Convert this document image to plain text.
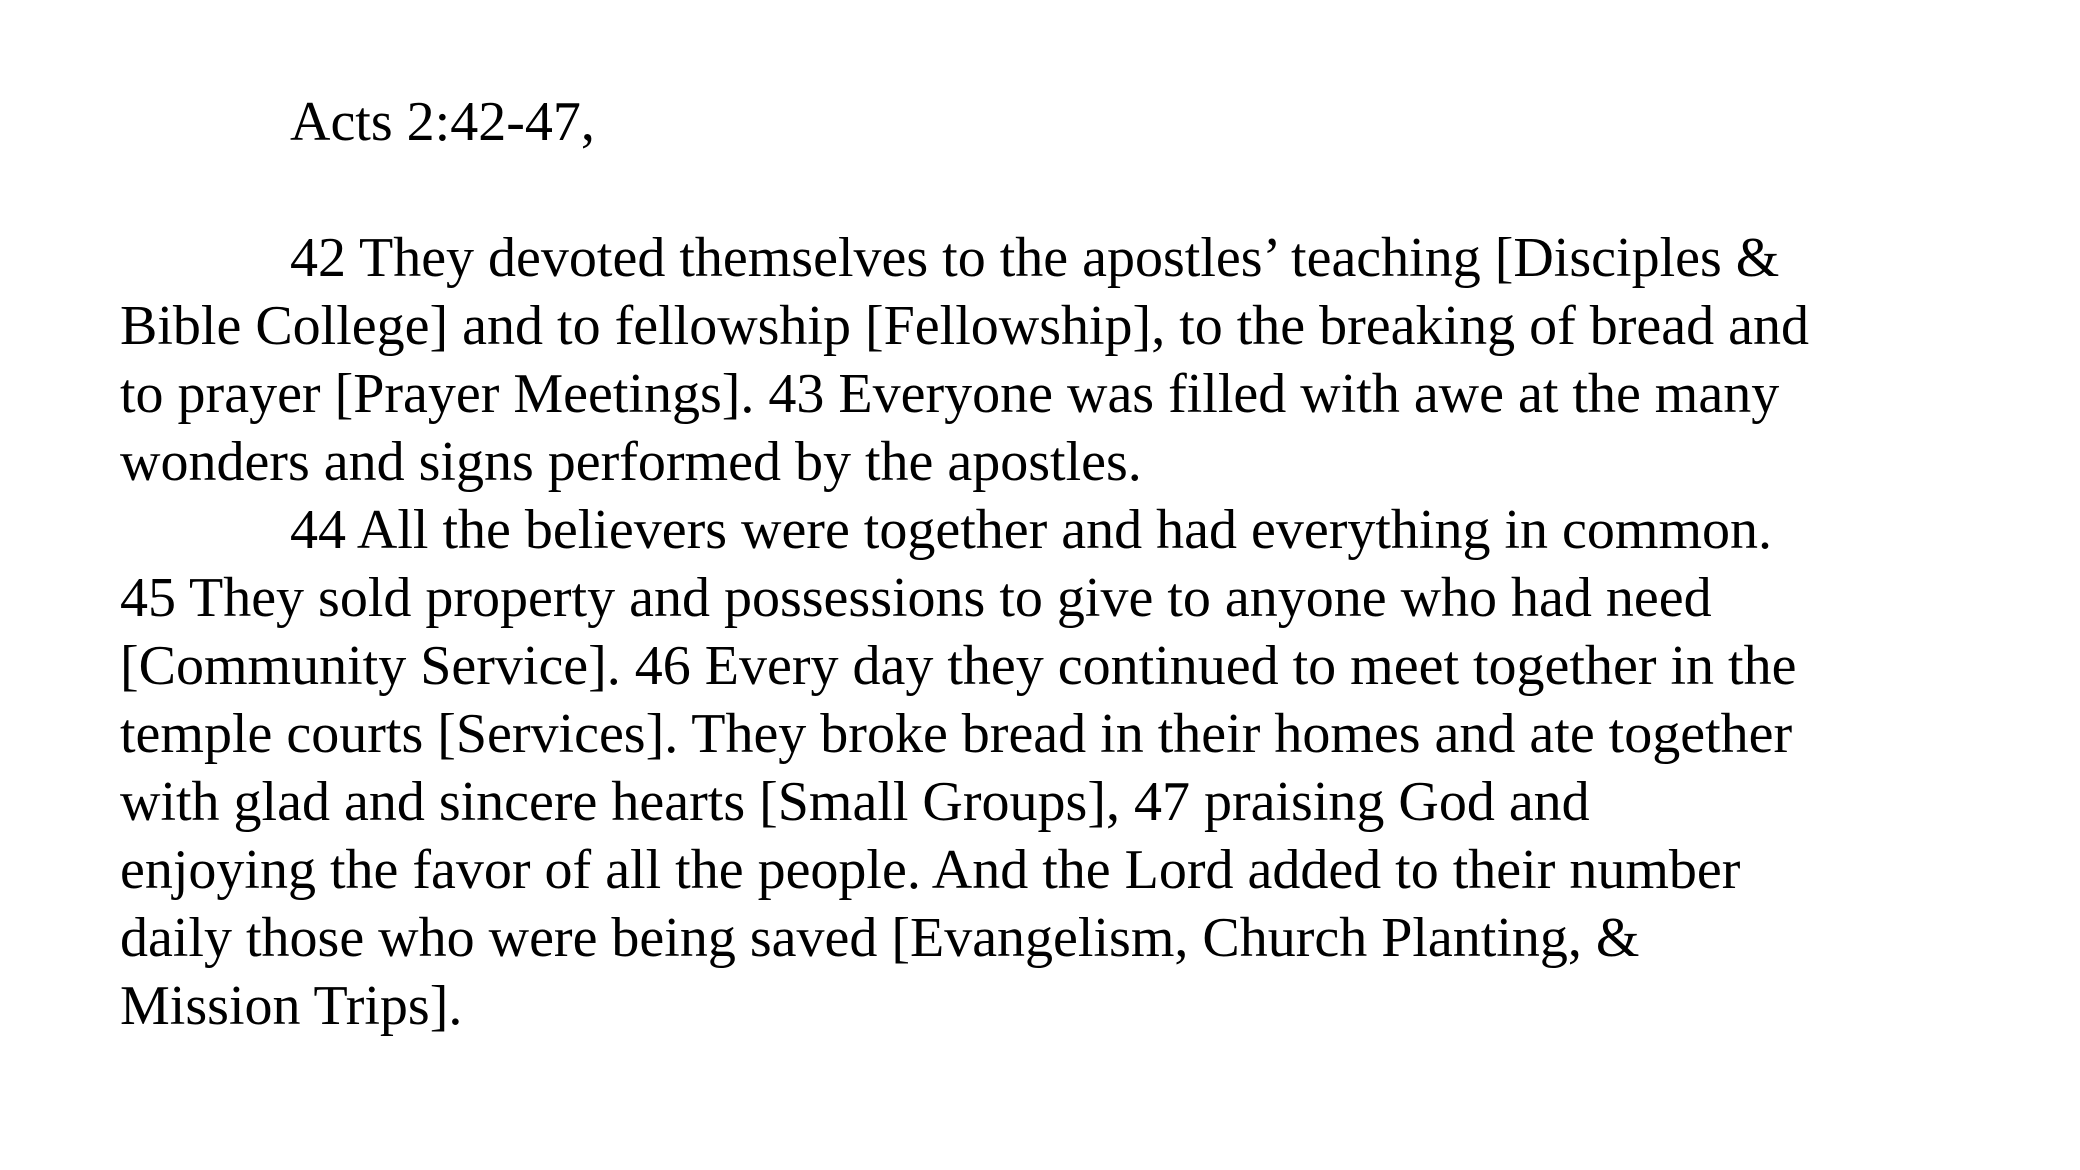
Acts 2:42-47,

42 They devoted themselves to the apostles’ teaching [Disciples &
Bible College] and to fellowship [Fellowship], to the breaking of bread and
to prayer [Prayer Meetings]. 43 Everyone was filled with awe at the many
wonders and signs performed by the apostles.
44 All the believers were together and had everything in common.
45 They sold property and possessions to give to anyone who had need
[Community Service]. 46 Every day they continued to meet together in the
temple courts [Services]. They broke bread in their homes and ate together
with glad and sincere hearts [Small Groups], 47 praising God and
enjoying the favor of all the people. And the Lord added to their number
daily those who were being saved [Evangelism, Church Planting, &
Mission Trips].
